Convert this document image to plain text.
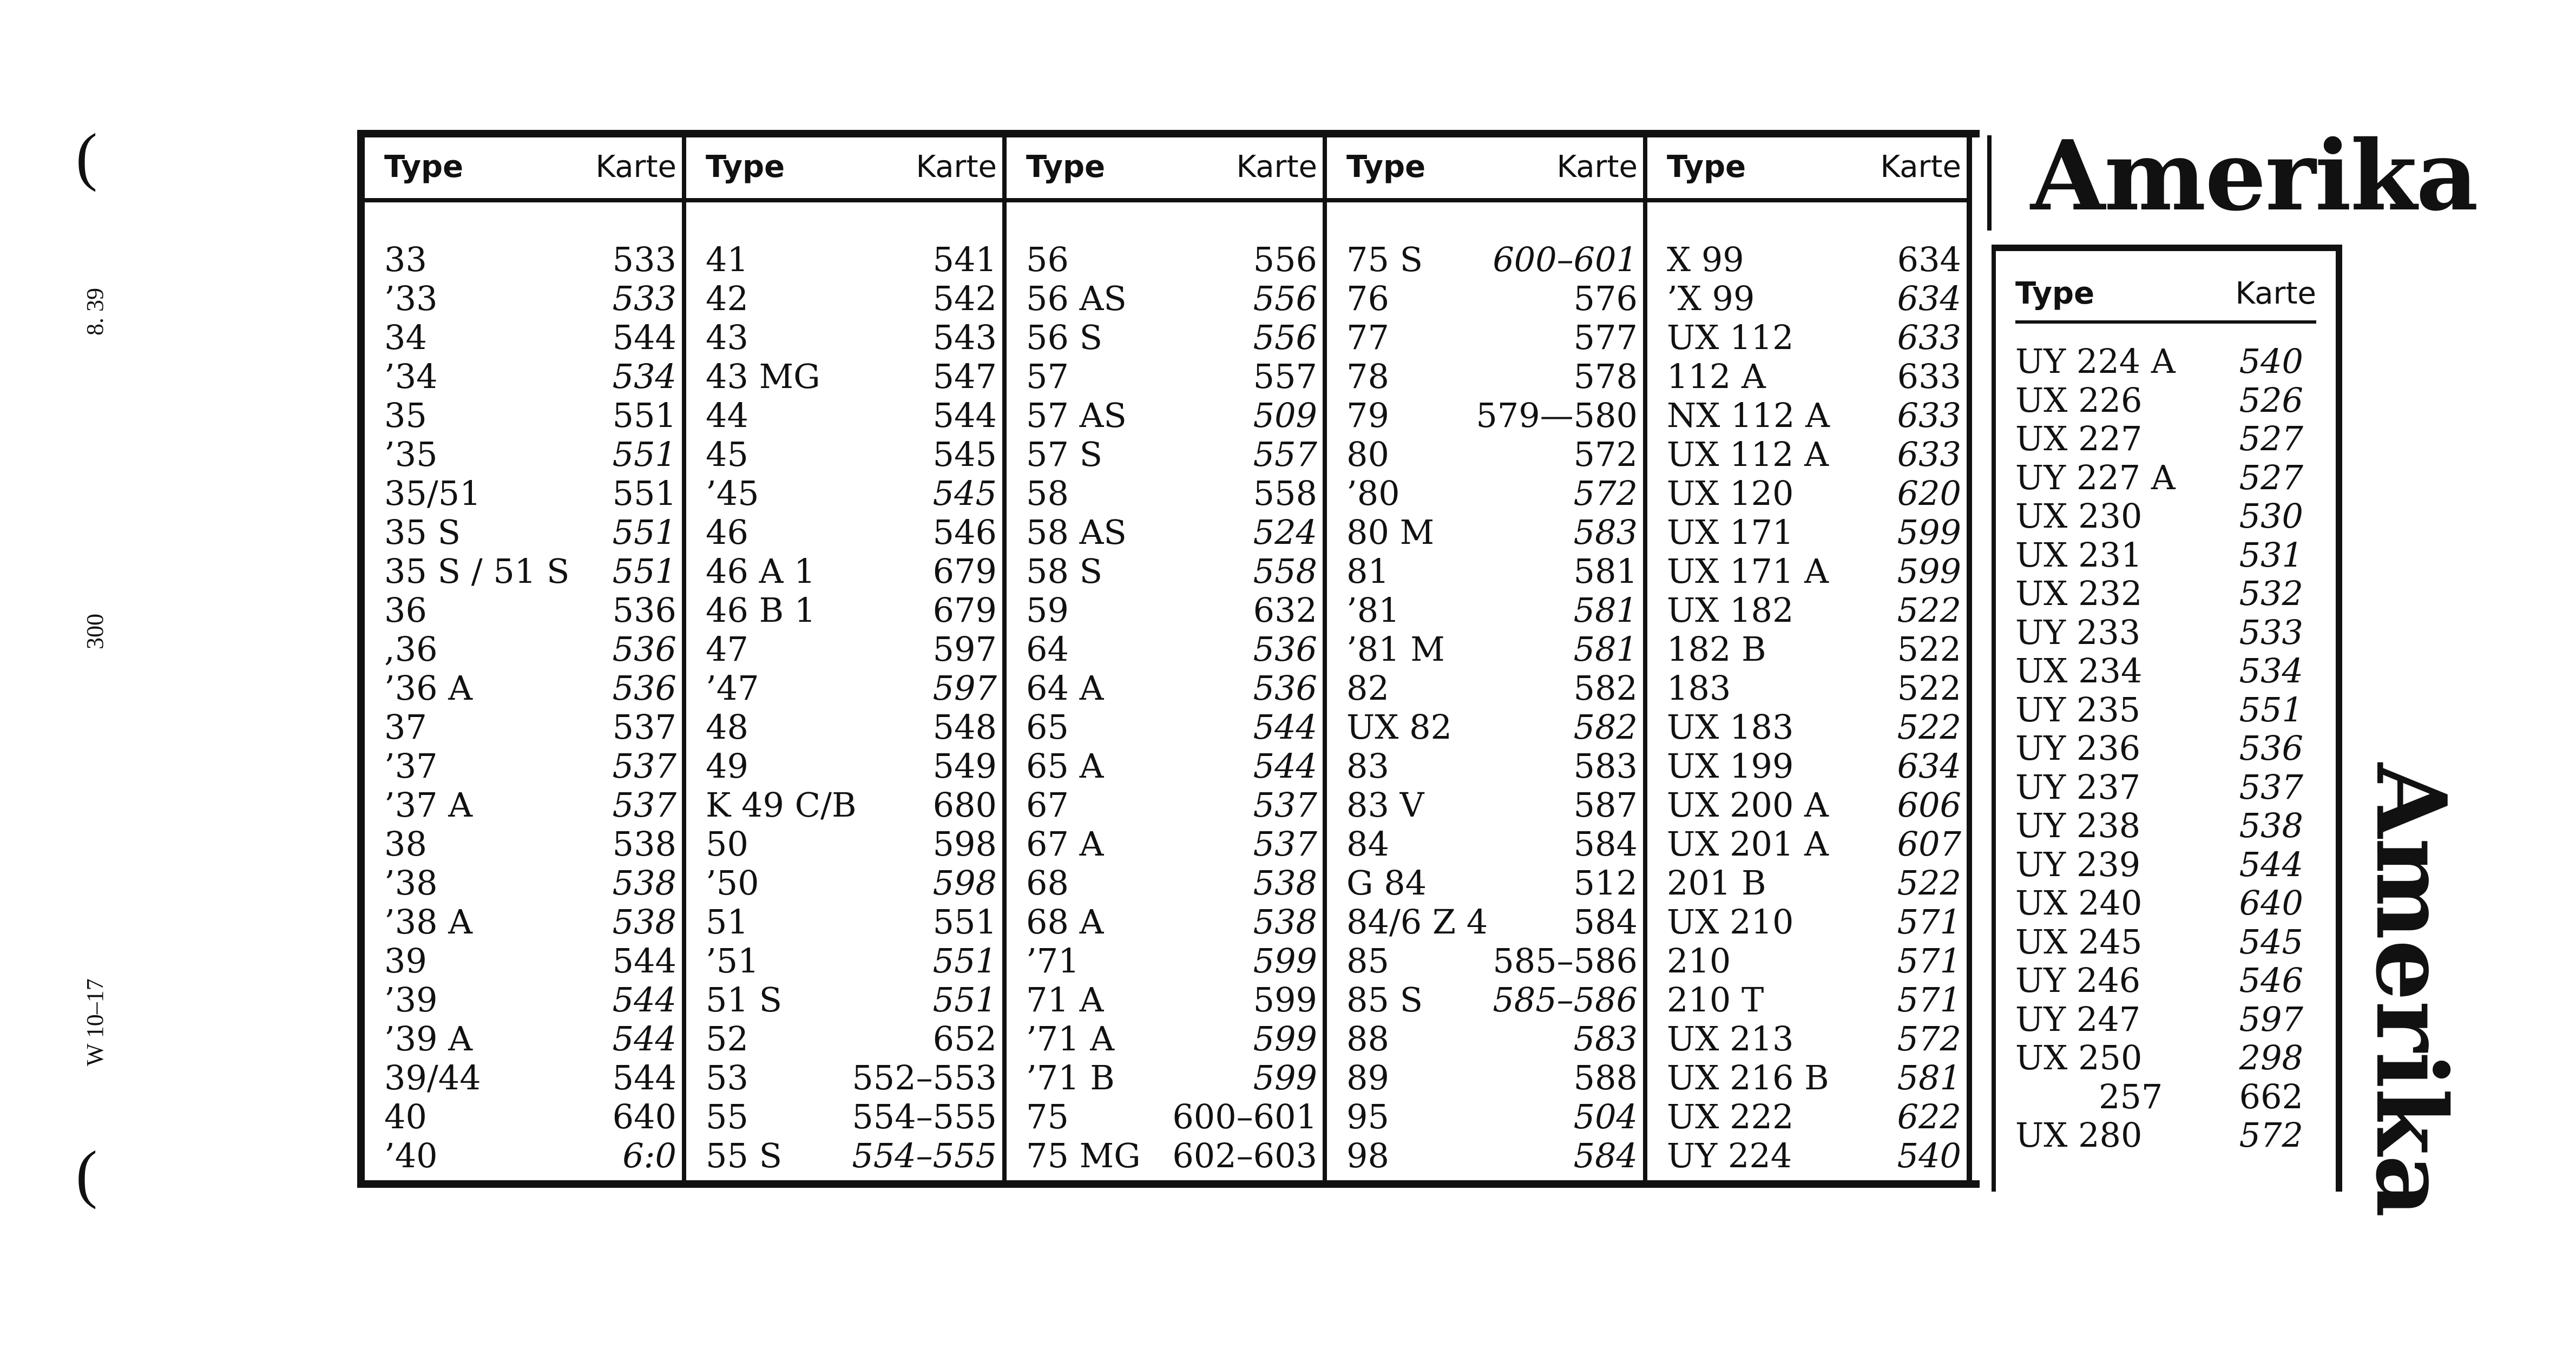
(
(
8. 39
300
W 10–17
Type	Karte
33	533
’33	533
34	544
’34	534
35	551
’35	551
35/51	551
35 S	551
35 S / 51 S 551
36	536
,36	536
’36 A	536
37	537
’37	537
’37 A	537
38	538
’38	538
’38 A	538
39	544
’39	544
’39 A	544
39/44	544
40	640
’40	6:0
Type	Karte
41	541
42	542
43	543
43 MG	547
44	544
45	545
’45	545
46	546
46 A 1	679
46 B 1	679
47	597
’47	597
48	548
49	549
K 49 C/B 680
50	598
’50	598
51	551
’51	551
51 S	551
52	652
53	552–553
55	554–555
55 S 554–555
Type	Karte
56	556
56 AS	556
56 S	556
57	557
57 AS	509
57 S	557
58	558
58 AS	524
58 S	558
59	632
64	536
64 A	536
65	544
65 A	544
67	537
67 A	537
68	538
68 A	538
’71	599
71 A	599
’71 A	599
’71 B	599
75	600–601
75 MG 602–603
Type	Karte
75 S 600–601
76	576
77	577
78	578
79	579—580
80	572
’80	572
80 M	583
81	581
’81	581
’81 M	581
82	582
UX 82	582
83	583
83 V	587
84	584
G 84	512
84/6 Z 4	584
85	585–586
85 S 585–586
88	583
89	588
95	504
98	584
Type	Karte
X 99	634
’X 99	634
UX 112	633
112 A	633
NX 112 A 633
UX 112 A 633
UX 120	620
UX 171	599
UX 171 A 599
UX 182	522
182 B	522
183	522
UX 183	522
UX 199	634
UX 200 A 606
UX 201 A 607
201 B	522
UX 210	571
210	571
210 T	571
UX 213	572
UX 216 B 581
UX 222	622
UY 224	540
Amerika
Type	Karte
UY 224 A 540
UX 226	526
UX 227	527
UY 227 A 527
UX 230	530
UX 231	531
UX 232	532
UY 233	533
UX 234	534
UY 235	551
UY 236	536
UY 237	537
UY 238	538
UY 239	544
UX 240	640
UX 245	545
UY 246	546
UY 247	597
UX 250	298
257 662
UX 280	572 Amerika
